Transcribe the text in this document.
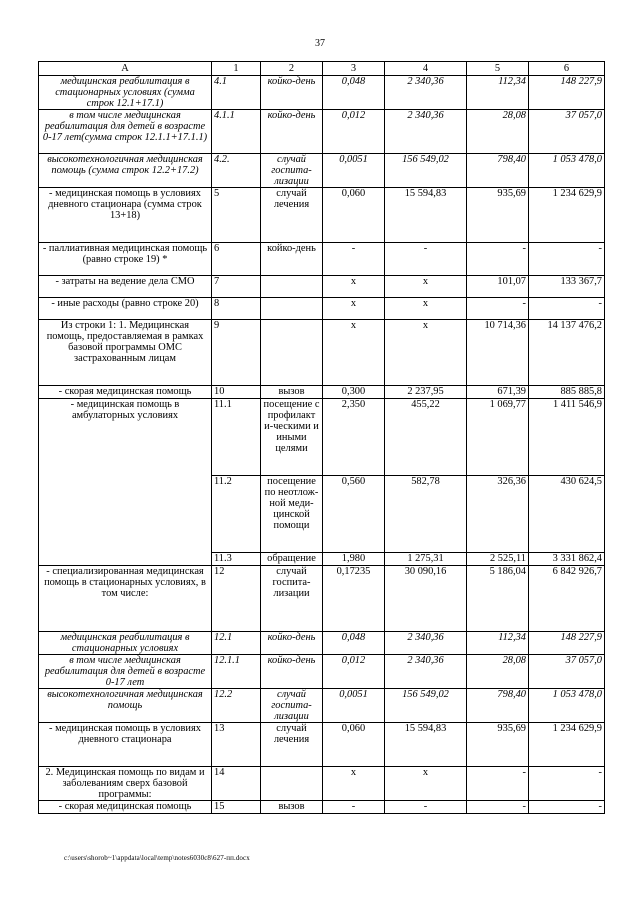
37
А	1	2	3	4	5	6
медицинская реабилитация в стационарных условиях (сумма строк 12.1+17.1)	4.1	койко-день	0,048	2 340,36	112,34	148 227,9
в том числе медицинская реабилитация для детей в возрасте 0-17 лет(сумма строк 12.1.1+17.1.1)	4.1.1	койко-день	0,012	2 340,36	28,08	37 057,0
высокотехнологичная медицинская помощь (сумма строк 12.2+17.2)	4.2.	случай госпита-лизации	0,0051	156 549,02	798,40	1 053 478,0
- медицинская помощь в условиях дневного стационара (сумма строк 13+18)	5	случай лечения	0,060	15 594,83	935,69	1 234 629,9
- паллиативная медицинская помощь (равно строке 19) *	6	койко-день	-	-	-	-
- затраты на ведение дела СМО	7		х	х	101,07	133 367,7
- иные расходы (равно строке 20)	8		х	х	-	-
Из строки 1: 1. Медицинская помощь, предоставляемая в рамках базовой программы ОМС застрахованным лицам	9		х	х	10 714,36	14 137 476,2
- скорая медицинская помощь	10	вызов	0,300	2 237,95	671,39	885 885,8
- медицинская помощь в амбулаторных условиях	11.1	посещение с профилакт и-ческими и иными целями	2,350	455,22	1 069,77	1 411 546,9
	11.2	посещение по неотлож-ной меди-цинской помощи	0,560	582,78	326,36	430 624,5
	11.3	обращение	1,980	1 275,31	2 525,11	3 331 862,4
- специализированная медицинская помощь в стационарных условиях, в том числе:	12	случай госпита-лизации	0,17235	30 090,16	5 186,04	6 842 926,7
медицинская реабилитация в стационарных условиях	12.1	койко-день	0,048	2 340,36	112,34	148 227,9
в том числе медицинская реабилитация для детей в возрасте 0-17 лет	12.1.1	койко-день	0,012	2 340,36	28,08	37 057,0
высокотехнологичная медицинская помощь	12.2	случай госпита-лизации	0,0051	156 549,02	798,40	1 053 478,0
- медицинская помощь в условиях дневного стационара	13	случай лечения	0,060	15 594,83	935,69	1 234 629,9
2. Медицинская помощь по видам и заболеваниям сверх базовой программы:	14		х	х	-	-
- скорая медицинская помощь	15	вызов	-	-	-	-
c:\users\shorob~1\appdata\local\temp\notes6030c8\627-пп.docx
